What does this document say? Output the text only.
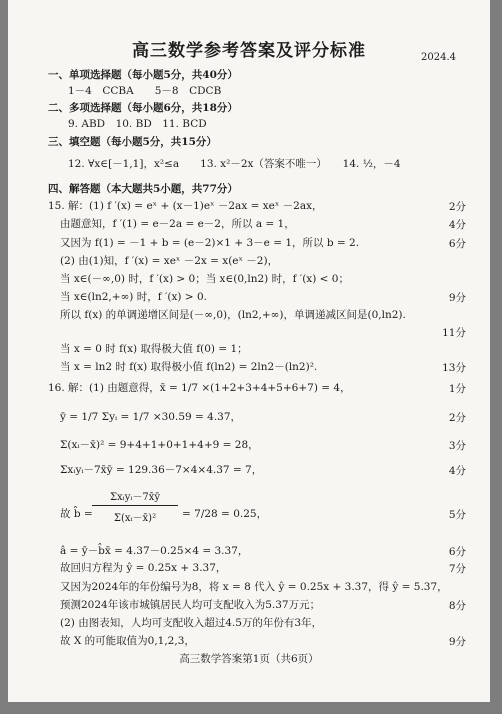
高三数学参考答案及评分标准	2024.4
一、单项选择题（每小题5分，共40分）
1－4　CCBA　　5－8　CDCB
二、多项选择题（每小题6分，共18分）
9. ABD　10. BD　11. BCD
三、填空题（每小题5分，共15分）
12. ∀x∈[－1,1]，x²≤a　　13. x²－2x（答案不唯一）　　14. ½，－4
四、解答题（本大题共5小题，共77分）
15. 解：(1) f ′(x) = eˣ + (x－1)eˣ －2ax = xeˣ －2ax，	2分
由题意知，f ′(1) = e－2a = e－2，所以 a = 1，	4分
又因为 f(1) = －1 + b = (e－2)×1 + 3－e = 1，所以 b = 2.	6分
(2) 由(1)知，f ′(x) = xeˣ －2x = x(eˣ －2)，
当 x∈(－∞,0) 时，f ′(x) > 0；当 x∈(0,ln2) 时，f ′(x) < 0；
当 x∈(ln2,+∞) 时，f ′(x) > 0.	9分
所以 f(x) 的单调递增区间是(－∞,0)，(ln2,+∞)，单调递减区间是(0,ln2).
11分
当 x = 0 时 f(x) 取得极大值 f(0) = 1；
当 x = ln2 时 f(x) 取得极小值 f(ln2) = 2ln2－(ln2)².	13分
16. 解：(1) 由题意得，x̄ = 1/7 ×(1+2+3+4+5+6+7) = 4，	1分
ȳ = 1/7 Σyᵢ = 1/7 ×30.59 = 4.37，	2分
Σ(xᵢ－x̄)² = 9+4+1+0+1+4+9 = 28，	3分
Σxᵢyᵢ－7x̄ȳ = 129.36－7×4×4.37 = 7，	4分
故 b̂ =
Σxᵢyᵢ－7x̄ȳ
Σ(xᵢ－x̄)²	= 7/28 = 0.25，	5分
â = ȳ－b̂x̄ = 4.37－0.25×4 = 3.37，	6分
故回归方程为 ŷ = 0.25x + 3.37，	7分
又因为2024年的年份编号为8，将 x = 8 代入 ŷ = 0.25x + 3.37，得 ŷ = 5.37，
预测2024年该市城镇居民人均可支配收入为5.37万元；	8分
(2) 由图表知，人均可支配收入超过4.5万的年份有3年，
故 X 的可能取值为0,1,2,3，	9分
高三数学答案第1页（共6页）
